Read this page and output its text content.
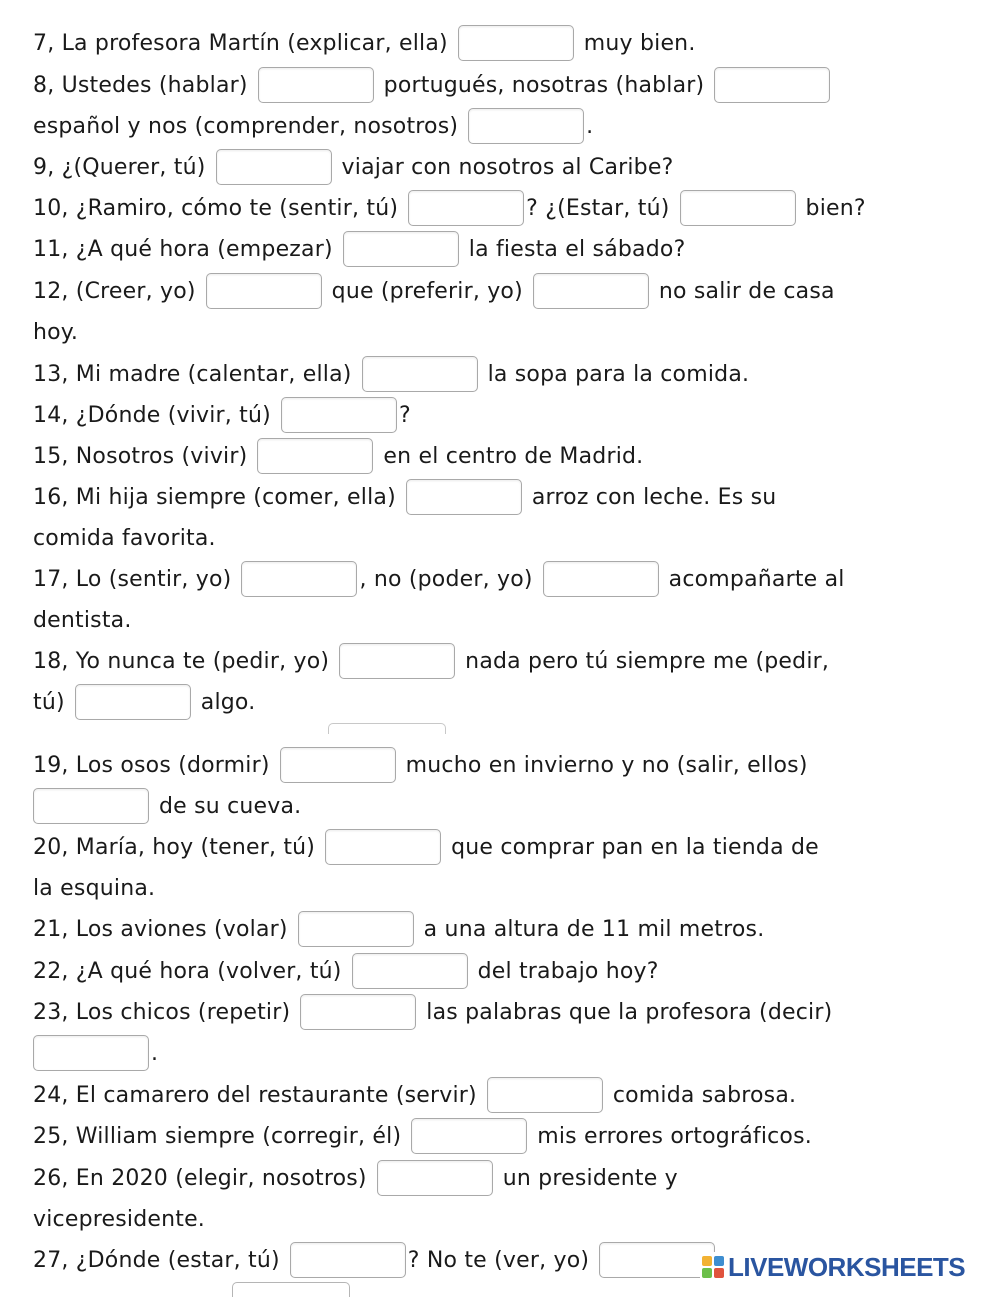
7, La profesora Martín (explicar, ella)	muy bien.
8, Ustedes (hablar)	portugués, nosotras (hablar)
español y nos (comprender, nosotros)	.
9, ¿(Querer, tú)	viajar con nosotros al Caribe?
10, ¿Ramiro, cómo te (sentir, tú)	? ¿(Estar, tú)	bien?
11, ¿A qué hora (empezar)	la fiesta el sábado?
12, (Creer, yo)	que (preferir, yo)	no salir de casa
hoy.
13, Mi madre (calentar, ella)	la sopa para la comida.
14, ¿Dónde (vivir, tú)	?
15, Nosotros (vivir)	en el centro de Madrid.
16, Mi hija siempre (comer, ella)	arroz con leche. Es su
comida favorita.
17, Lo (sentir, yo)	, no (poder, yo)	acompañarte al
dentista.
18, Yo nunca te (pedir, yo)	nada pero tú siempre me (pedir,
tú)	algo.
19, Los osos (dormir)	mucho en invierno y no (salir, ellos)
de su cueva.
20, María, hoy (tener, tú)	que comprar pan en la tienda de
la esquina.
21, Los aviones (volar)	a una altura de 11 mil metros.
22, ¿A qué hora (volver, tú)	del trabajo hoy?
23, Los chicos (repetir)	las palabras que la profesora (decir)
.
24, El camarero del restaurante (servir)	comida sabrosa.
25, William siempre (corregir, él)	mis errores ortográficos.
26, En 2020 (elegir, nosotros)	un presidente y
vicepresidente.
27, ¿Dónde (estar, tú)	? No te (ver, yo)	LIVEWORKSHEETS
